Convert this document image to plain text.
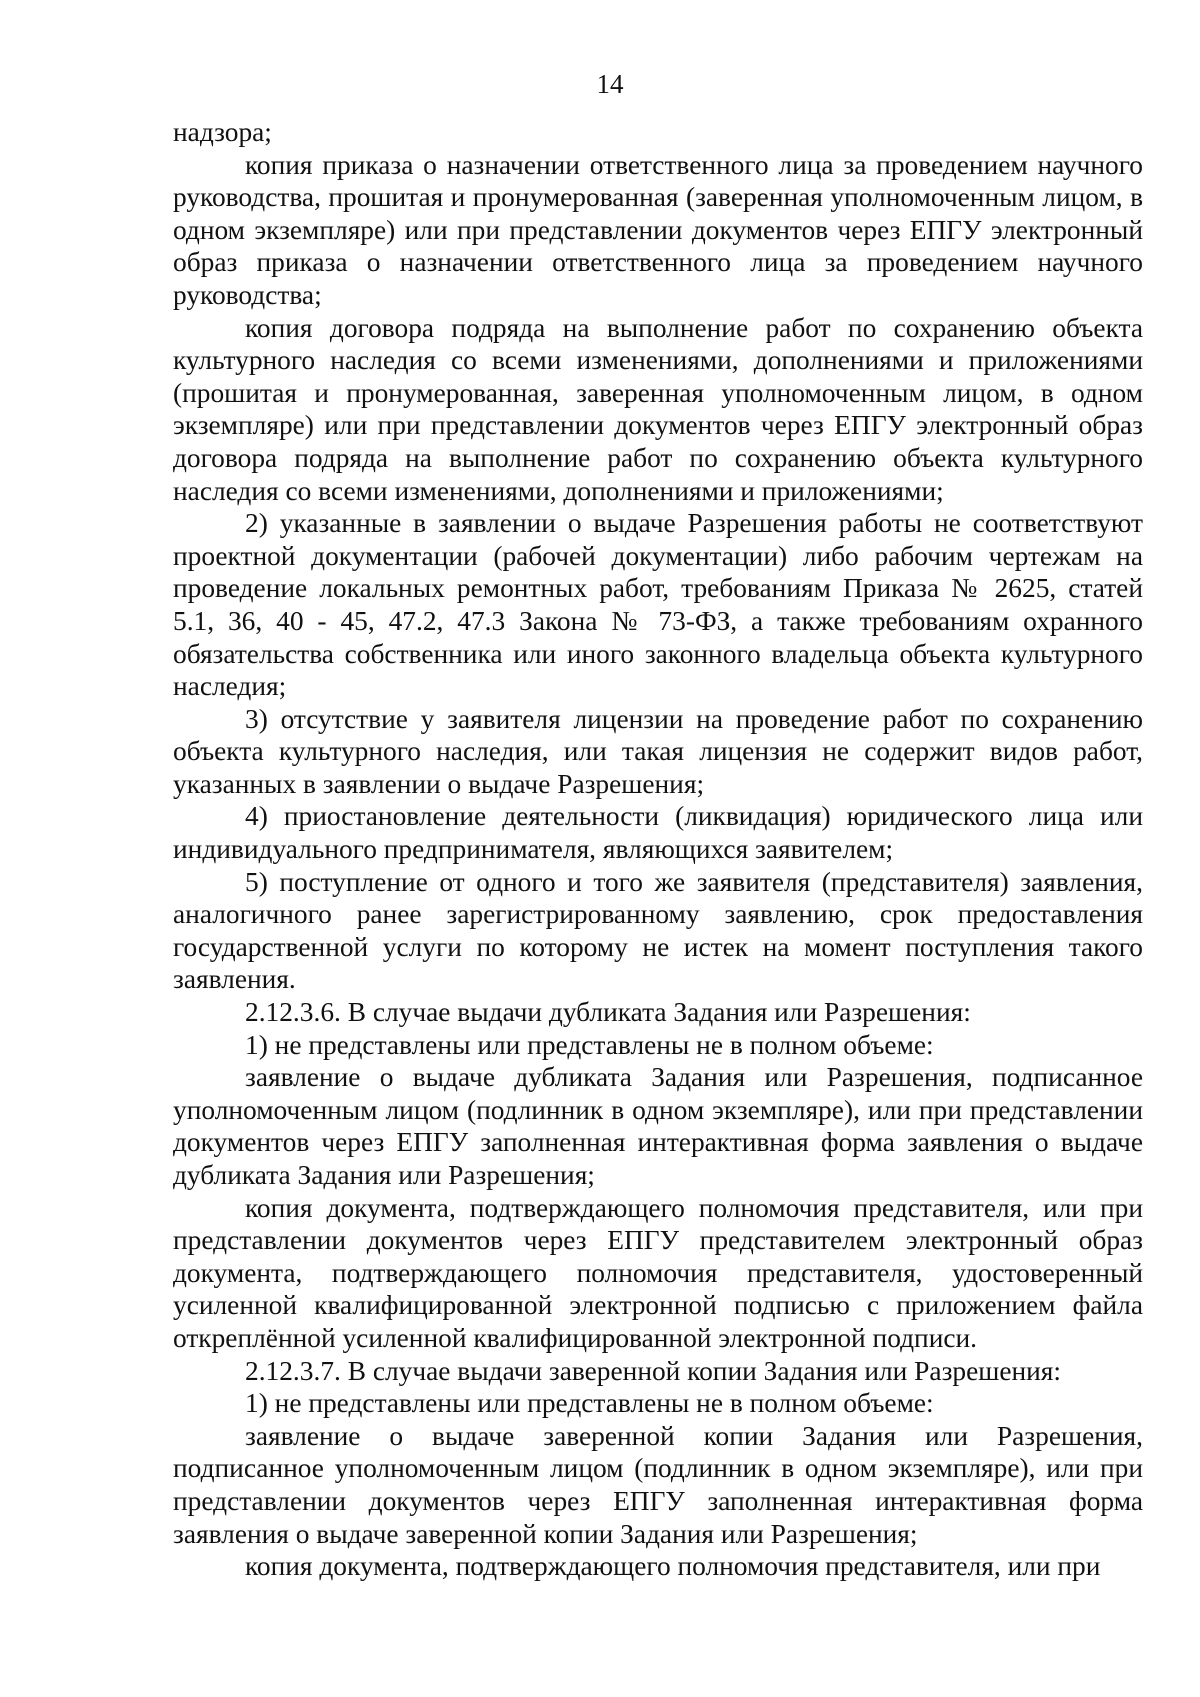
14

надзора;

копия приказа о назначении ответственного лица за проведением научного руководства, прошитая и пронумерованная (заверенная уполномоченным лицом, в одном экземпляре) или при представлении документов через ЕПГУ электронный образ приказа о назначении ответственного лица за проведением научного руководства;

копия договора подряда на выполнение работ по сохранению объекта культурного наследия со всеми изменениями, дополнениями и приложениями (прошитая и пронумерованная, заверенная уполномоченным лицом, в одном экземпляре) или при представлении документов через ЕПГУ электронный образ договора подряда на выполнение работ по сохранению объекта культурного наследия со всеми изменениями, дополнениями и приложениями;

2) указанные в заявлении о выдаче Разрешения работы не соответствуют проектной документации (рабочей документации) либо рабочим чертежам на проведение локальных ремонтных работ, требованиям Приказа № 2625, статей 5.1, 36, 40 - 45, 47.2, 47.3 Закона № 73-ФЗ, а также требованиям охранного обязательства собственника или иного законного владельца объекта культурного наследия;

3) отсутствие у заявителя лицензии на проведение работ по сохранению объекта культурного наследия, или такая лицензия не содержит видов работ, указанных в заявлении о выдаче Разрешения;

4) приостановление деятельности (ликвидация) юридического лица или индивидуального предпринимателя, являющихся заявителем;

5) поступление от одного и того же заявителя (представителя) заявления, аналогичного ранее зарегистрированному заявлению, срок предоставления государственной услуги по которому не истек на момент поступления такого заявления.

2.12.3.6. В случае выдачи дубликата Задания или Разрешения:

1) не представлены или представлены не в полном объеме:

заявление о выдаче дубликата Задания или Разрешения, подписанное уполномоченным лицом (подлинник в одном экземпляре), или при представлении документов через ЕПГУ заполненная интерактивная форма заявления о выдаче дубликата Задания или Разрешения;

копия документа, подтверждающего полномочия представителя, или при представлении документов через ЕПГУ представителем электронный образ документа, подтверждающего полномочия представителя, удостоверенный усиленной квалифицированной электронной подписью с приложением файла откреплённой усиленной квалифицированной электронной подписи.

2.12.3.7. В случае выдачи заверенной копии Задания или Разрешения:

1) не представлены или представлены не в полном объеме:

заявление о выдаче заверенной копии Задания или Разрешения, подписанное уполномоченным лицом (подлинник в одном экземпляре), или при представлении документов через ЕПГУ заполненная интерактивная форма заявления о выдаче заверенной копии Задания или Разрешения;

копия документа, подтверждающего полномочия представителя, или при
